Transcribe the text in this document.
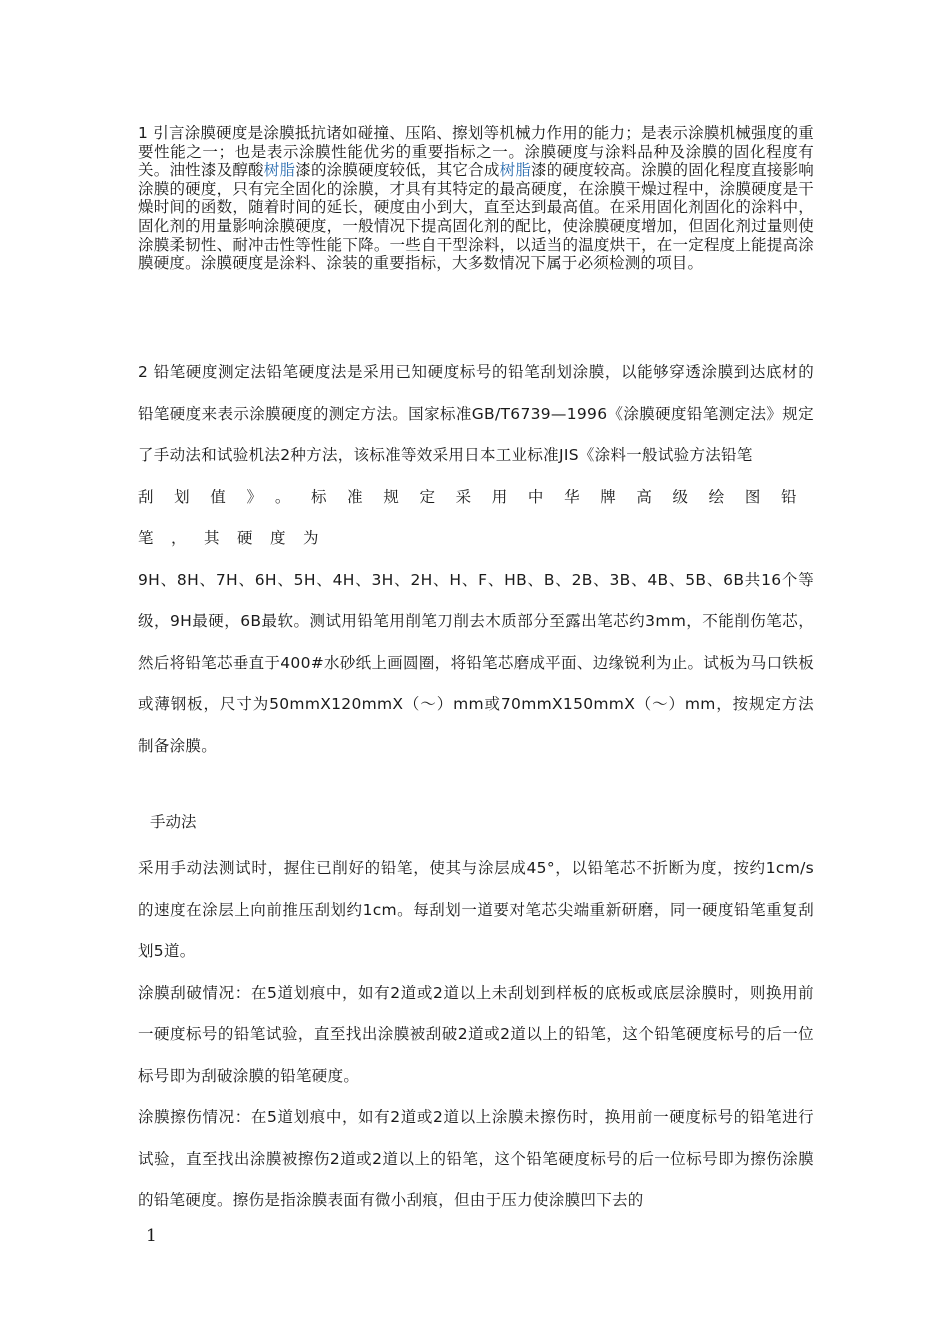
1 引言涂膜硬度是涂膜抵抗诸如碰撞、压陷、擦划等机械力作用的能力；是表示涂膜机械强度的重要性能之一；也是表示涂膜性能优劣的重要指标之一。涂膜硬度与涂料品种及涂膜的固化程度有关。油性漆及醇酸树脂漆的涂膜硬度较低，其它合成树脂漆的硬度较高。涂膜的固化程度直接影响涂膜的硬度，只有完全固化的涂膜，才具有其特定的最高硬度，在涂膜干燥过程中，涂膜硬度是干燥时间的函数，随着时间的延长，硬度由小到大，直至达到最高值。在采用固化剂固化的涂料中，固化剂的用量影响涂膜硬度，一般情况下提高固化剂的配比，使涂膜硬度增加，但固化剂过量则使涂膜柔韧性、耐冲击性等性能下降。一些自干型涂料，以适当的温度烘干，在一定程度上能提高涂膜硬度。涂膜硬度是涂料、涂装的重要指标，大多数情况下属于必须检测的项目。

2 铅笔硬度测定法铅笔硬度法是采用已知硬度标号的铅笔刮划涂膜，以能够穿透涂膜到达底材的铅笔硬度来表示涂膜硬度的测定方法。国家标准GB/T6739—1996《涂膜硬度铅笔测定法》规定了手动法和试验机法2种方法，该标准等效采用日本工业标准JIS《涂料一般试验方法铅笔

刮划值》。标准规定采用中华牌高级绘图铅笔，其硬度为
9H、8H、7H、6H、5H、4H、3H、2H、H、F、HB、B、2B、3B、4B、5B、6B共16个等级，9H最硬，6B最软。测试用铅笔用削笔刀削去木质部分至露出笔芯约3mm，不能削伤笔芯，然后将铅笔芯垂直于400#水砂纸上画圆圈，将铅笔芯磨成平面、边缘锐利为止。试板为马口铁板或薄钢板，尺寸为50mmX120mmX（～）mm或70mmX150mmX（～）mm，按规定方法制备涂膜。

手动法

采用手动法测试时，握住已削好的铅笔，使其与涂层成45°，以铅笔芯不折断为度，按约1cm/s的速度在涂层上向前推压刮划约1cm。每刮划一道要对笔芯尖端重新研磨，同一硬度铅笔重复刮划5道。

涂膜刮破情况：在5道划痕中，如有2道或2道以上未刮划到样板的底板或底层涂膜时，则换用前一硬度标号的铅笔试验，直至找出涂膜被刮破2道或2道以上的铅笔，这个铅笔硬度标号的后一位标号即为刮破涂膜的铅笔硬度。

涂膜擦伤情况：在5道划痕中，如有2道或2道以上涂膜未擦伤时，换用前一硬度标号的铅笔进行试验，直至找出涂膜被擦伤2道或2道以上的铅笔，这个铅笔硬度标号的后一位标号即为擦伤涂膜的铅笔硬度。擦伤是指涂膜表面有微小刮痕，但由于压力使涂膜凹下去的

1
